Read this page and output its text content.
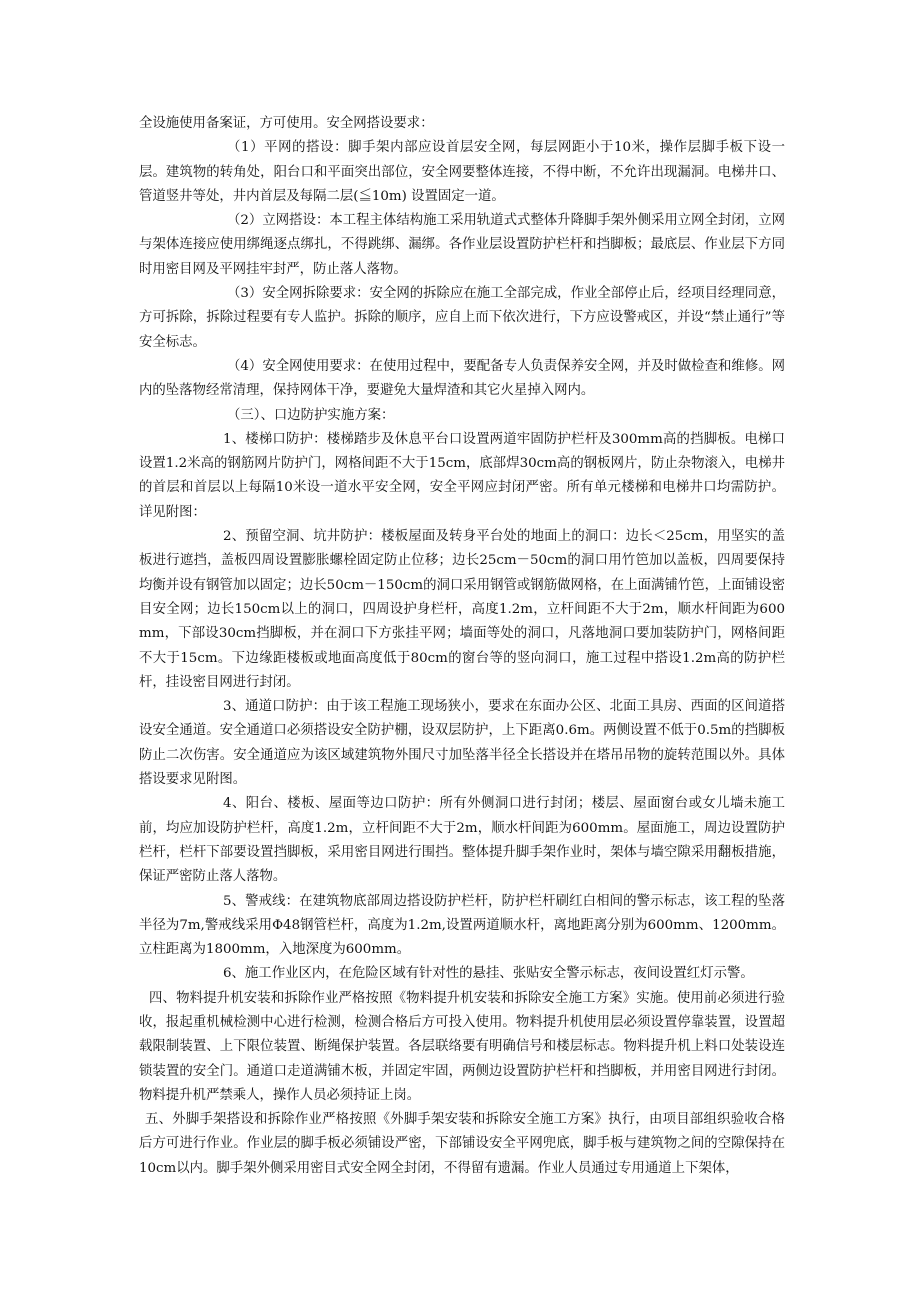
全设施使用备案证，方可使用。安全网搭设要求：

（1）平网的搭设：脚手架内部应设首层安全网，每层网距小于10米，操作层脚手板下设一层。建筑物的转角处，阳台口和平面突出部位，安全网要整体连接，不得中断，不允许出现漏洞。电梯井口、管道竖井等处，井内首层及每隔二层(≦10m) 设置固定一道。

（2）立网搭设：本工程主体结构施工采用轨道式式整体升降脚手架外侧采用立网全封闭，立网与架体连接应使用绑绳逐点绑扎，不得跳绑、漏绑。各作业层设置防护栏杆和挡脚板；最底层、作业层下方同时用密目网及平网挂牢封严，防止落人落物。

（3）安全网拆除要求：安全网的拆除应在施工全部完成，作业全部停止后，经项目经理同意，方可拆除，拆除过程要有专人监护。拆除的顺序，应自上而下依次进行，下方应设警戒区，并设“禁止通行”等安全标志。

（4）安全网使用要求：在使用过程中，要配备专人负责保养安全网，并及时做检查和维修。网内的坠落物经常清理，保持网体干净，要避免大量焊渣和其它火星掉入网内。

（三）、口边防护实施方案：

1、楼梯口防护：楼梯踏步及休息平台口设置两道牢固防护栏杆及300mm高的挡脚板。电梯口设置1.2米高的钢筋网片防护门，网格间距不大于15cm，底部焊30cm高的钢板网片，防止杂物滚入，电梯井的首层和首层以上每隔10米设一道水平安全网，安全平网应封闭严密。所有单元楼梯和电梯井口均需防护。详见附图：

2、预留空洞、坑井防护：楼板屋面及转身平台处的地面上的洞口：边长＜25cm，用坚实的盖板进行遮挡，盖板四周设置膨胀螺栓固定防止位移；边长25cm－50cm的洞口用竹笆加以盖板，四周要保持均衡并设有钢管加以固定；边长50cm－150cm的洞口采用钢管或钢筋做网格，在上面满铺竹笆，上面铺设密目安全网；边长150cm以上的洞口，四周设护身栏杆，高度1.2m，立杆间距不大于2m，顺水杆间距为600mm，下部设30cm挡脚板，并在洞口下方张挂平网；墙面等处的洞口，凡落地洞口要加装防护门，网格间距不大于15cm。下边缘距楼板或地面高度低于80cm的窗台等的竖向洞口，施工过程中搭设1.2m高的防护栏杆，挂设密目网进行封闭。

3、通道口防护：由于该工程施工现场狭小，要求在东面办公区、北面工具房、西面的区间道搭设安全通道。安全通道口必须搭设安全防护棚，设双层防护，上下距离0.6m。两侧设置不低于0.5m的挡脚板防止二次伤害。安全通道应为该区域建筑物外围尺寸加坠落半径全长搭设并在塔吊吊物的旋转范围以外。具体搭设要求见附图。

4、阳台、楼板、屋面等边口防护：所有外侧洞口进行封闭；楼层、屋面窗台或女儿墙未施工前，均应加设防护栏杆，高度1.2m，立杆间距不大于2m，顺水杆间距为600mm。屋面施工，周边设置防护栏杆，栏杆下部要设置挡脚板，采用密目网进行围挡。整体提升脚手架作业时，架体与墙空隙采用翻板措施，保证严密防止落人落物。

5、警戒线：在建筑物底部周边搭设防护栏杆，防护栏杆刷红白相间的警示标志，该工程的坠落半径为7m,警戒线采用Φ48钢管栏杆，高度为1.2m,设置两道顺水杆，离地距离分别为600mm、1200mm。立柱距离为1800mm，入地深度为600mm。

6、施工作业区内，在危险区域有针对性的悬挂、张贴安全警示标志，夜间设置红灯示警。

四、物料提升机安装和拆除作业严格按照《物料提升机安装和拆除安全施工方案》实施。使用前必须进行验收，报起重机械检测中心进行检测，检测合格后方可投入使用。物料提升机使用层必须设置停靠装置，设置超载限制装置、上下限位装置、断绳保护装置。各层联络要有明确信号和楼层标志。物料提升机上料口处装设连锁装置的安全门。通道口走道满铺木板，并固定牢固，两侧边设置防护栏杆和挡脚板，并用密目网进行封闭。物料提升机严禁乘人，操作人员必须持证上岗。

五、外脚手架搭设和拆除作业严格按照《外脚手架安装和拆除安全施工方案》执行，由项目部组织验收合格后方可进行作业。作业层的脚手板必须铺设严密，下部铺设安全平网兜底，脚手板与建筑物之间的空隙保持在10cm以内。脚手架外侧采用密目式安全网全封闭，不得留有遗漏。作业人员通过专用通道上下架体，
